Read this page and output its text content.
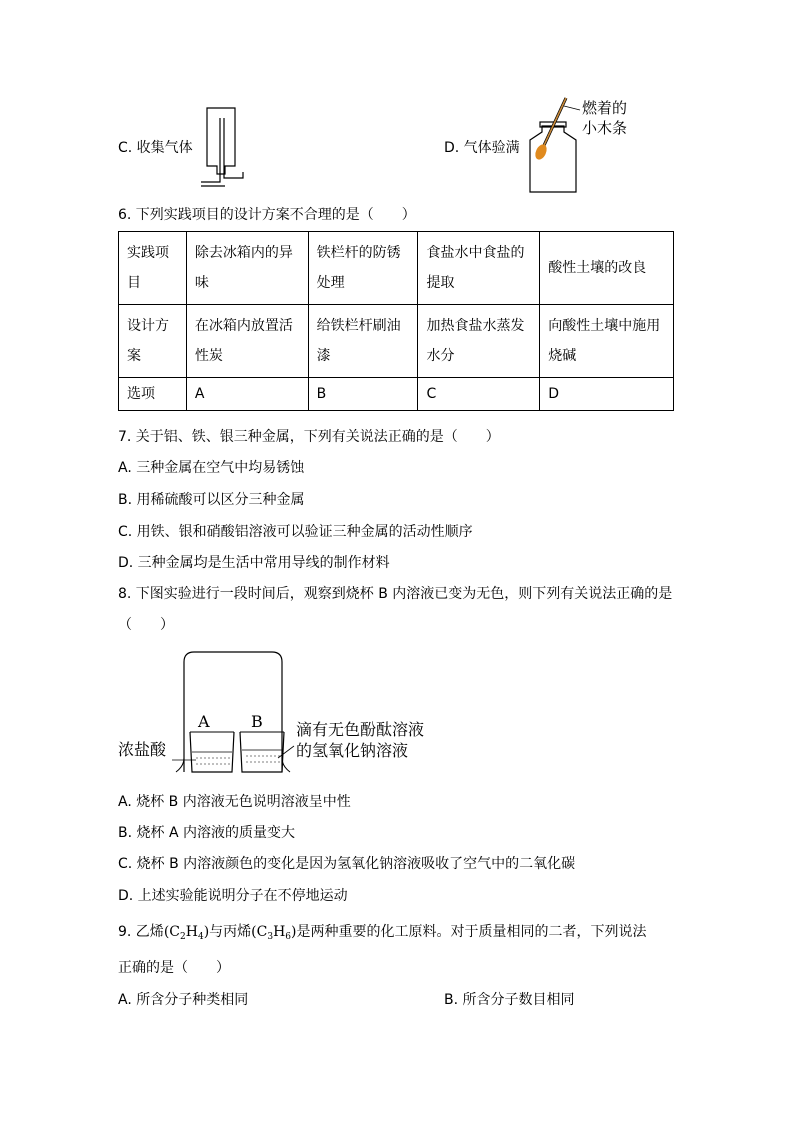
C. 收集气体	D. 气体验满
燃着的
小木条
6. 下列实践项目的设计方案不合理的是（　　）
实践项目	除去冰箱内的异味	铁栏杆的防锈处理	食盐水中食盐的提取	酸性土壤的改良
设计方案	在冰箱内放置活性炭	给铁栏杆刷油漆	加热食盐水蒸发水分	向酸性土壤中施用烧碱
选项	A	B	C	D
7. 关于铝、铁、银三种金属，下列有关说法正确的是（　　）
A. 三种金属在空气中均易锈蚀
B. 用稀硫酸可以区分三种金属
C. 用铁、银和硝酸铝溶液可以验证三种金属的活动性顺序
D. 三种金属均是生活中常用导线的制作材料
8. 下图实验进行一段时间后，观察到烧杯 B 内溶液已变为无色，则下列有关说法正确的是
（　　）
A	B
浓盐酸
滴有无色酚酞溶液
的氢氧化钠溶液
A. 烧杯 B 内溶液无色说明溶液呈中性
B. 烧杯 A 内溶液的质量变大
C. 烧杯 B 内溶液颜色的变化是因为氢氧化钠溶液吸收了空气中的二氧化碳
D. 上述实验能说明分子在不停地运动
9. 乙烯$(C_2H_4)$与丙烯$(C_3H_6)$是两种重要的化工原料。对于质量相同的二者，下列说法
正确的是（　　）
A. 所含分子种类相同	B. 所含分子数目相同
